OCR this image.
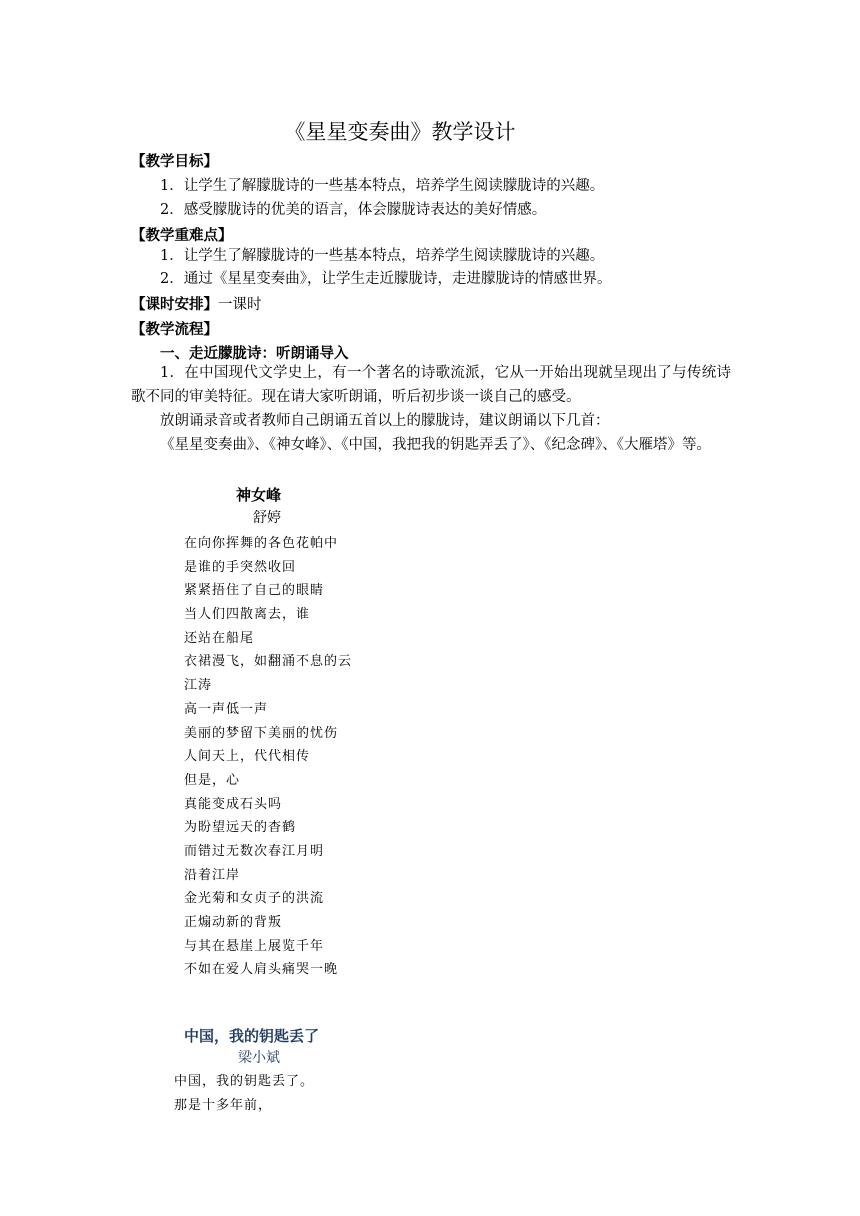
《星星变奏曲》教学设计
【教学目标】
1．让学生了解朦胧诗的一些基本特点，培养学生阅读朦胧诗的兴趣。
2．感受朦胧诗的优美的语言，体会朦胧诗表达的美好情感。
【教学重难点】
1．让学生了解朦胧诗的一些基本特点，培养学生阅读朦胧诗的兴趣。
2．通过《星星变奏曲》，让学生走近朦胧诗，走进朦胧诗的情感世界。
【课时安排】一课时
【教学流程】
一、走近朦胧诗：听朗诵导入
1．在中国现代文学史上，有一个著名的诗歌流派，它从一开始出现就呈现出了与传统诗歌不同的审美特征。现在请大家听朗诵，听后初步谈一谈自己的感受。
放朗诵录音或者教师自己朗诵五首以上的朦胧诗，建议朗诵以下几首：
《星星变奏曲》、《神女峰》、《中国，我把我的钥匙弄丢了》、《纪念碑》、《大雁塔》等。
神女峰
舒婷
在向你挥舞的各色花帕中
是谁的手突然收回
紧紧捂住了自己的眼睛
当人们四散离去，谁
还站在船尾
衣裙漫飞，如翻涌不息的云
江涛
高一声低一声
美丽的梦留下美丽的忧伤
人间天上，代代相传
但是，心
真能变成石头吗
为盼望远天的杳鹤
而错过无数次春江月明
沿着江岸
金光菊和女贞子的洪流
正煽动新的背叛
与其在悬崖上展览千年
不如在爱人肩头痛哭一晚
中国，我的钥匙丢了
梁小斌
中国，我的钥匙丢了。
那是十多年前，
